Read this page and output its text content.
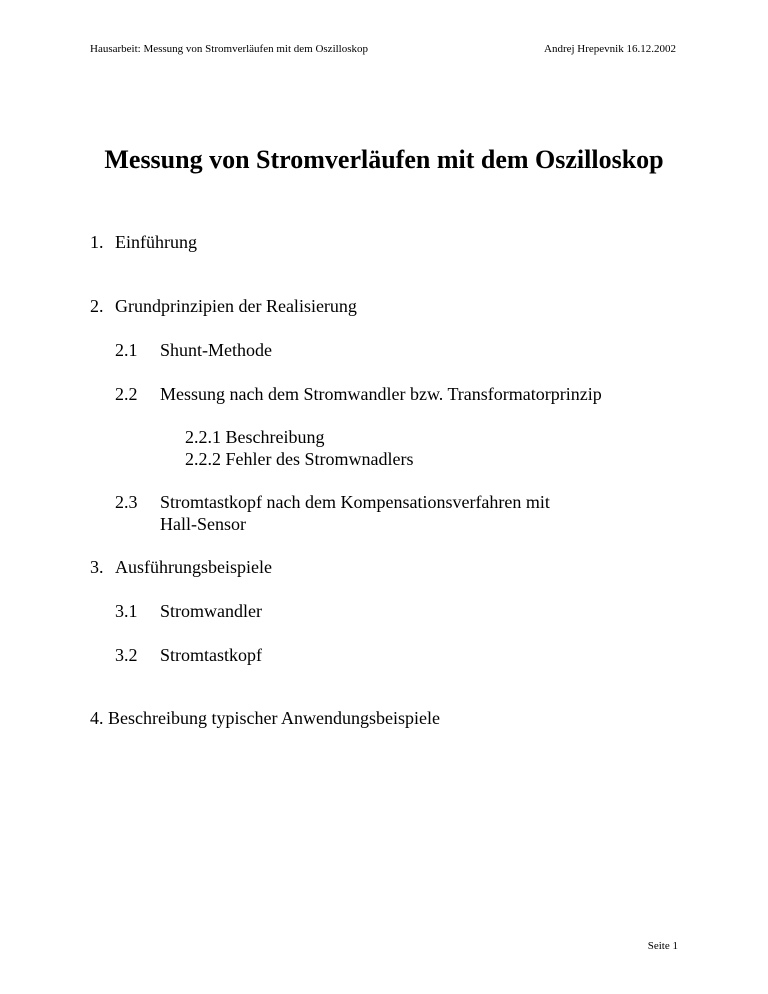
Hausarbeit: Messung von Stromverläufen mit dem Oszilloskop	Andrej Hrepevnik 16.12.2002
Messung von Stromverläufen mit dem Oszilloskop
1. Einführung
2. Grundprinzipien der Realisierung
2.1 Shunt-Methode
2.2 Messung nach dem Stromwandler bzw. Transformatorprinzip
2.2.1 Beschreibung
2.2.2 Fehler des Stromwnadlers
2.3 Stromtastkopf nach dem Kompensationsverfahren mit
Hall-Sensor
3. Ausführungsbeispiele
3.1 Stromwandler
3.2 Stromtastkopf
4. Beschreibung typischer Anwendungsbeispiele
Seite 1
